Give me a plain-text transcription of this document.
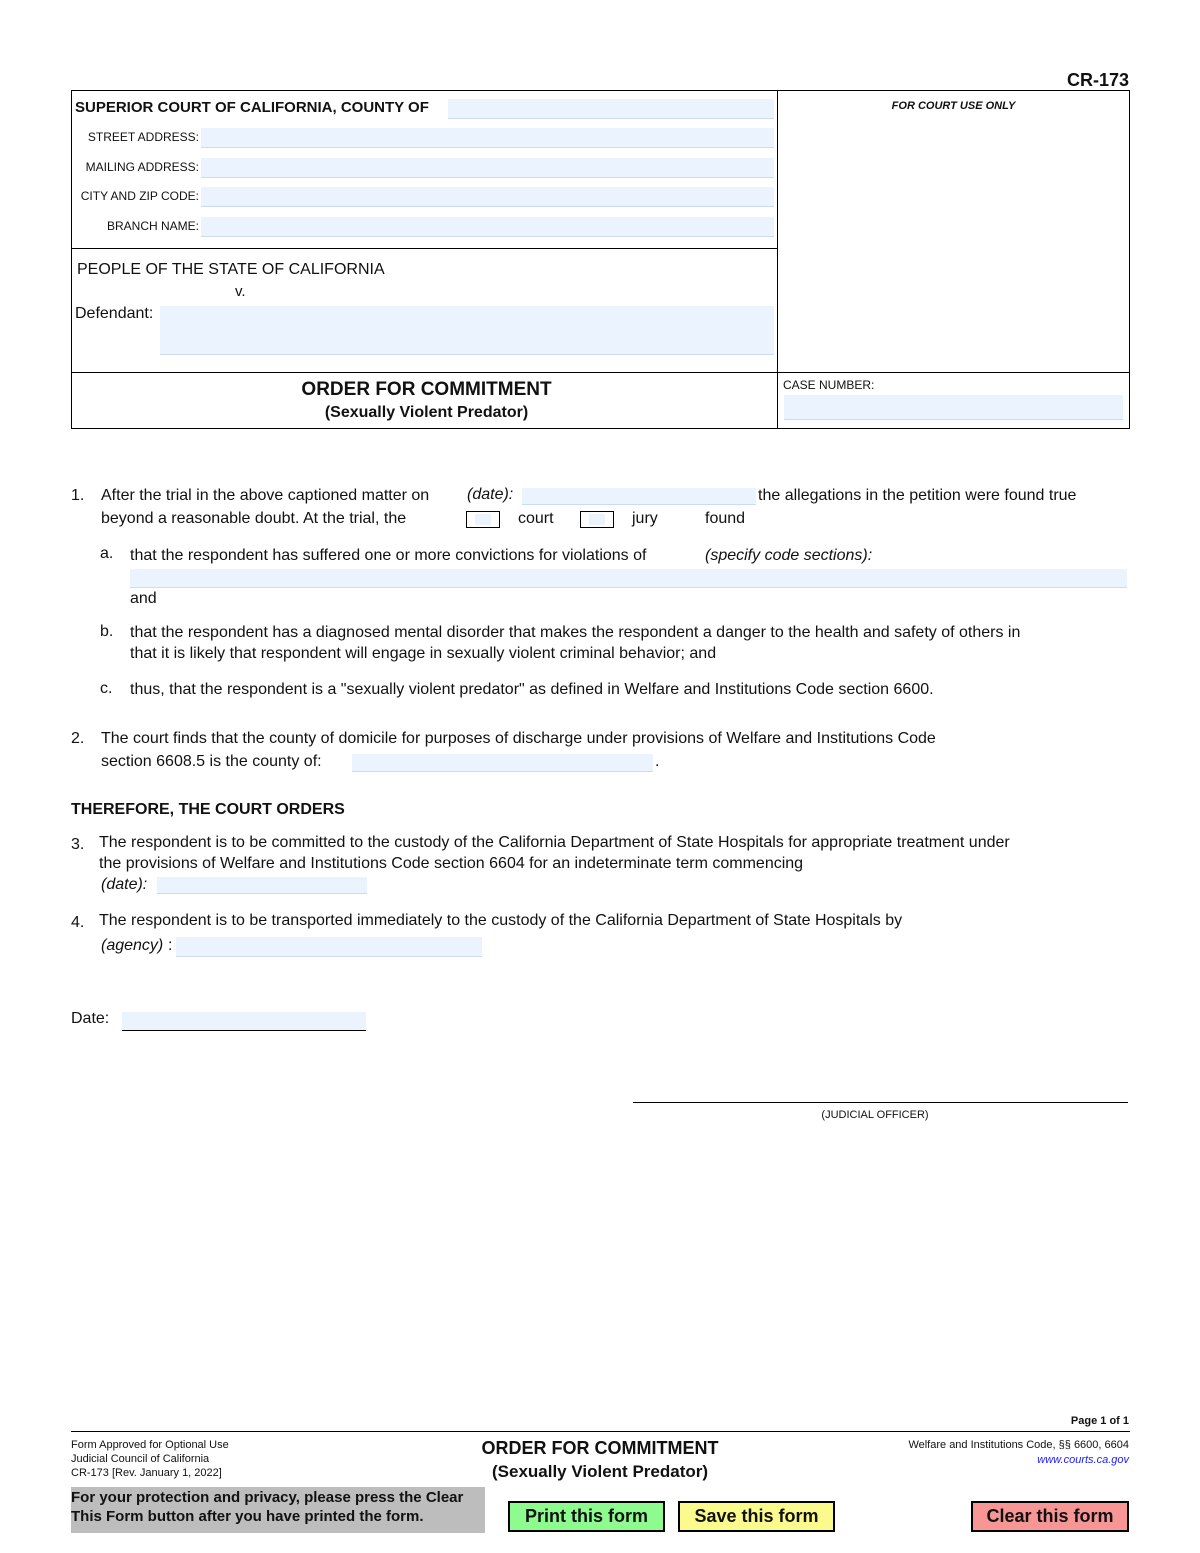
CR-173
SUPERIOR COURT OF CALIFORNIA, COUNTY OF
STREET ADDRESS:
MAILING ADDRESS:
CITY AND ZIP CODE:
BRANCH NAME:
FOR COURT USE ONLY
PEOPLE OF THE STATE OF CALIFORNIA
v.
Defendant:
ORDER FOR COMMITMENT
(Sexually Violent Predator)
CASE NUMBER:
1. After the trial in the above captioned matter on (date):	the allegations in the petition were found true
beyond a reasonable doubt. At the trial, the	court	jury	found
a. that the respondent has suffered one or more convictions for violations of	(specify code sections):
and
b. that the respondent has a diagnosed mental disorder that makes the respondent a danger to the health and safety of others in
that it is likely that respondent will engage in sexually violent criminal behavior; and
c. thus, that the respondent is a "sexually violent predator" as defined in Welfare and Institutions Code section 6600.
2. The court finds that the county of domicile for purposes of discharge under provisions of Welfare and Institutions Code
section 6608.5 is the county of:	.
THEREFORE, THE COURT ORDERS
3. The respondent is to be committed to the custody of the California Department of State Hospitals for appropriate treatment under
the provisions of Welfare and Institutions Code section 6604 for an indeterminate term commencing
(date):
4. The respondent is to be transported immediately to the custody of the California Department of State Hospitals by
(agency) :
Date:
(JUDICIAL OFFICER)
Page 1 of 1
Form Approved for Optional Use
Judicial Council of California
CR-173 [Rev. January 1, 2022]
ORDER FOR COMMITMENT
(Sexually Violent Predator)
Welfare and Institutions Code, §§ 6600, 6604
www.courts.ca.gov
For your protection and privacy, please press the Clear
This Form button after you have printed the form.	Print this form	Save this form	Clear this form
